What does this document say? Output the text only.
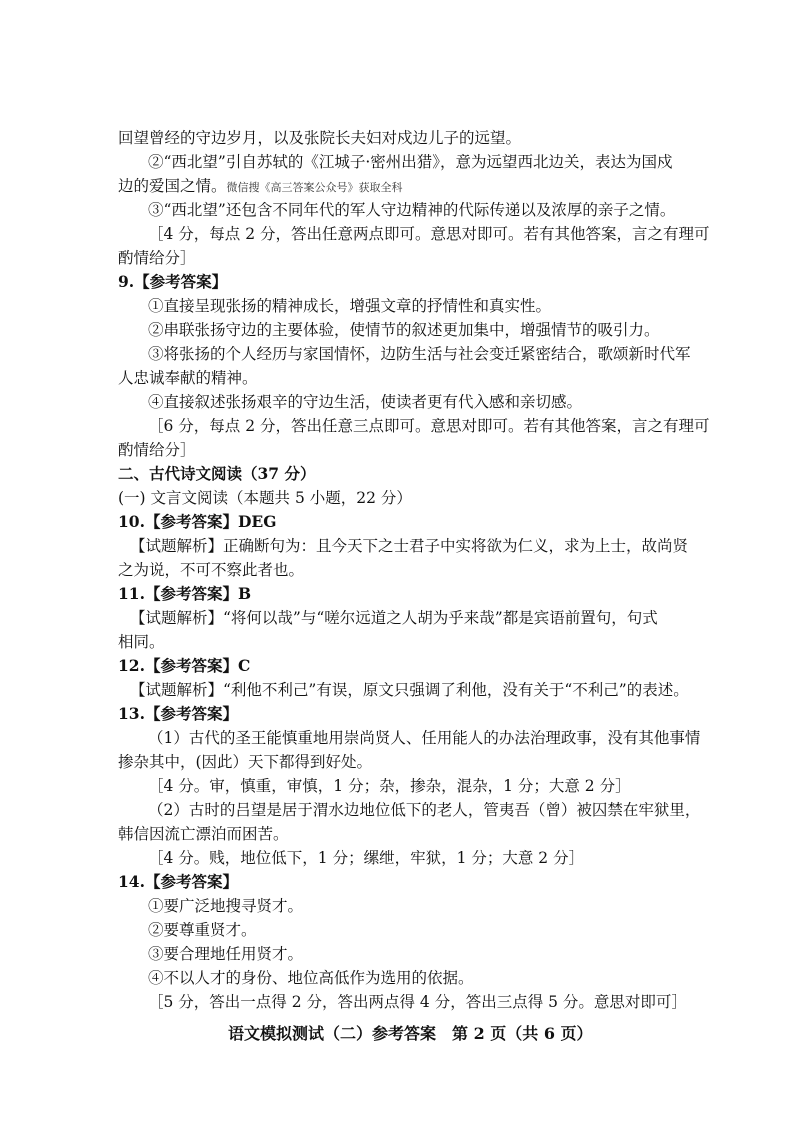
回望曾经的守边岁月，以及张院长夫妇对戍边儿子的远望。
②“西北望”引自苏轼的《江城子·密州出猎》，意为远望西北边关，表达为国戍
边的爱国之情。微信搜《高三答案公众号》获取全科
③“西北望”还包含不同年代的军人守边精神的代际传递以及浓厚的亲子之情。
［4 分，每点 2 分，答出任意两点即可。意思对即可。若有其他答案，言之有理可
酌情给分］
9.【参考答案】
①直接呈现张扬的精神成长，增强文章的抒情性和真实性。
②串联张扬守边的主要体验，使情节的叙述更加集中，增强情节的吸引力。
③将张扬的个人经历与家国情怀，边防生活与社会变迁紧密结合，歌颂新时代军
人忠诚奉献的精神。
④直接叙述张扬艰辛的守边生活，使读者更有代入感和亲切感。
［6 分，每点 2 分，答出任意三点即可。意思对即可。若有其他答案，言之有理可
酌情给分］
二、古代诗文阅读（37 分）
(一) 文言文阅读（本题共 5 小题，22 分）
10.【参考答案】DEG
【试题解析】正确断句为：且今天下之士君子中实将欲为仁义，求为上士，故尚贤
之为说，不可不察此者也。
11.【参考答案】B
【试题解析】“将何以哉”与“嗟尔远道之人胡为乎来哉”都是宾语前置句，句式
相同。
12.【参考答案】C
【试题解析】“利他不利己”有误，原文只强调了利他，没有关于“不利己”的表述。
13.【参考答案】
（1）古代的圣王能慎重地用崇尚贤人、任用能人的办法治理政事，没有其他事情
掺杂其中，(因此）天下都得到好处。
［4 分。审，慎重，审慎，1 分；杂，掺杂，混杂，1 分；大意 2 分］
（2）古时的吕望是居于渭水边地位低下的老人，管夷吾（曾）被囚禁在牢狱里，
韩信因流亡漂泊而困苦。
［4 分。贱，地位低下，1 分；缧绁，牢狱，1 分；大意 2 分］
14.【参考答案】
①要广泛地搜寻贤才。
②要尊重贤才。
③要合理地任用贤才。
④不以人才的身份、地位高低作为选用的依据。
［5 分，答出一点得 2 分，答出两点得 4 分，答出三点得 5 分。意思对即可］
语文模拟测试（二）参考答案　第 2 页（共 6 页）
